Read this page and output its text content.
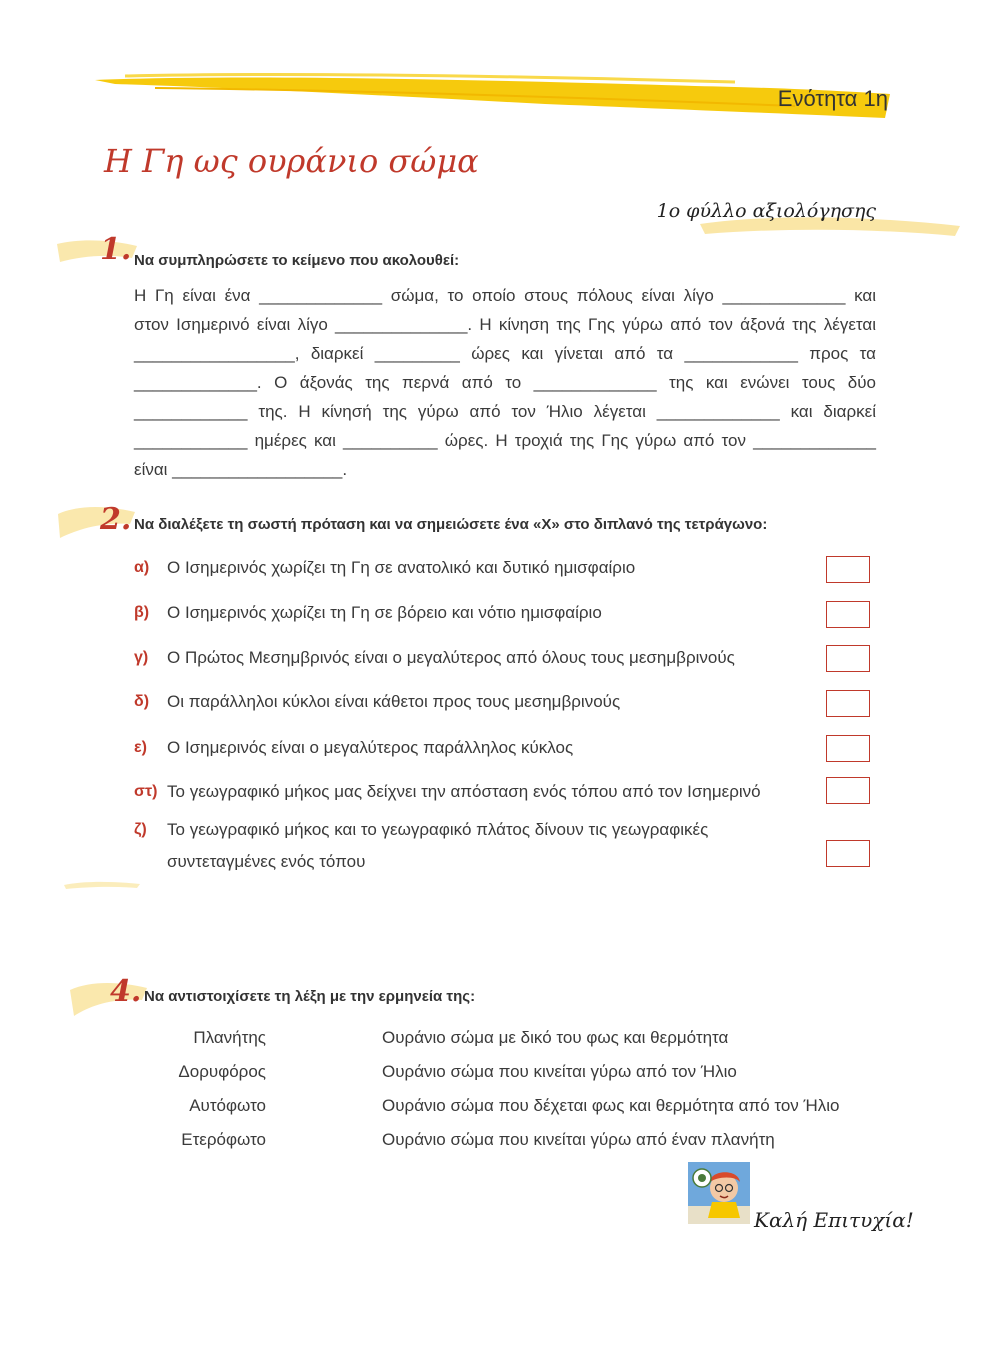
Ενότητα 1η
Η Γη ως ουράνιο σώμα
1ο φύλλο αξιολόγησης
1. Να συμπληρώσετε το κείμενο που ακολουθεί:
Η Γη είναι ένα _____________ σώμα, το οποίο στους πόλους είναι λίγο _____________ και
στον Ισημερινό είναι λίγο ______________. Η κίνηση της Γης γύρω από τον άξονά της λέγεται
_________________, διαρκεί _________ ώρες και γίνεται από τα ____________ προς τα
_____________. Ο άξονάς της περνά από το _____________ της και ενώνει τους δύο
____________ της. Η κίνησή της γύρω από τον Ήλιο λέγεται _____________ και διαρκεί
____________ ημέρες και __________ ώρες. Η τροχιά της Γης γύρω από τον _____________
είναι __________________.
2. Να διαλέξετε τη σωστή πρόταση και να σημειώσετε ένα «Χ» στο διπλανό της τετράγωνο:
α) Ο Ισημερινός χωρίζει τη Γη σε ανατολικό και δυτικό ημισφαίριο
β) Ο Ισημερινός χωρίζει τη Γη σε βόρειο και νότιο ημισφαίριο
γ) Ο Πρώτος Μεσημβρινός είναι ο μεγαλύτερος από όλους τους μεσημβρινούς
δ) Οι παράλληλοι κύκλοι είναι κάθετοι προς τους μεσημβρινούς
ε) Ο Ισημερινός είναι ο μεγαλύτερος παράλληλος κύκλος
στ) Το γεωγραφικό μήκος μας δείχνει την απόσταση ενός τόπου από τον Ισημερινό
ζ) Το γεωγραφικό μήκος και το γεωγραφικό πλάτος δίνουν τις γεωγραφικές
συντεταγμένες ενός τόπου
4. Να αντιστοιχίσετε τη λέξη με την ερμηνεία της:
Πλανήτης
Δορυφόρος
Αυτόφωτο
Ετερόφωτο
Ουράνιο σώμα με δικό του φως και θερμότητα
Ουράνιο σώμα που κινείται γύρω από τον Ήλιο
Ουράνιο σώμα που δέχεται φως και θερμότητα από τον Ήλιο
Ουράνιο σώμα που κινείται γύρω από έναν πλανήτη
Καλή Επιτυχία!
